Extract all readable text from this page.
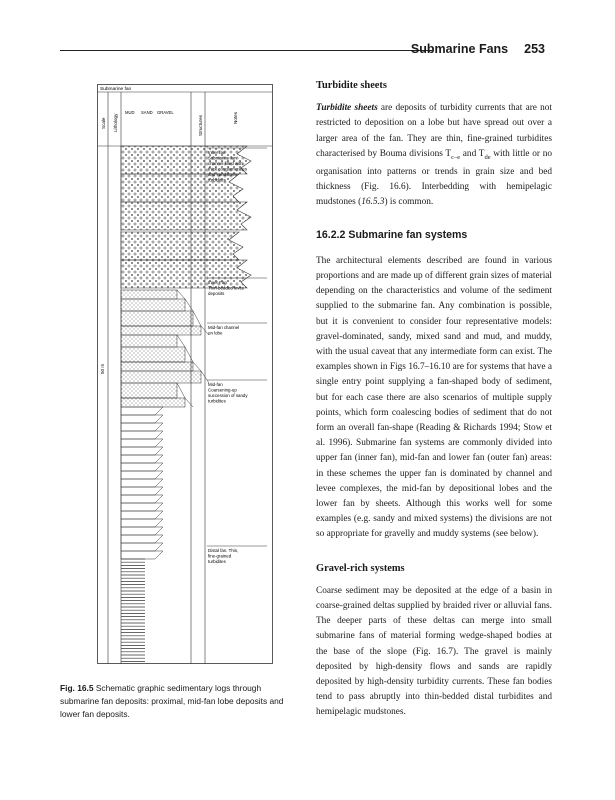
Submarine Fans 253
Submarine fan
Scale Lithology
MUD SAND GRAVEL
Structures	Notes
50 m
Inner fan
Submarine fan
channel filled with
thick conglomerates
and sandstone
turbidites
Inner Fan
Thin-bedded levee
deposits
Mid-fan channel
on lobe
Mid-fan
Coarsening-up
succession of sandy
turbidites
Distal fan. Thin,
fine-grained
turbidites
Fig. 16.5 Schematic graphic sedimentary logs through submarine fan deposits: proximal, mid-fan lobe deposits and lower fan deposits.
Turbidite sheets

Turbidite sheets are deposits of turbidity currents that are not restricted to deposition on a lobe but have spread out over a larger area of the fan. They are thin, fine-grained turbidites characterised by Bouma divisions $T_{c-e}$ and $T_{de}$ with little or no organisation into patterns or trends in grain size and bed thickness (Fig. 16.6). Interbedding with hemipelagic mudstones (16.5.3) is common.

16.2.2 Submarine fan systems

The architectural elements described are found in various proportions and are made up of different grain sizes of material depending on the characteristics and volume of the sediment supplied to the submarine fan. Any combination is possible, but it is convenient to consider four representative models: gravel-dominated, sandy, mixed sand and mud, and muddy, with the usual caveat that any intermediate form can exist. The examples shown in Figs 16.7–16.10 are for systems that have a single entry point supplying a fan-shaped body of sediment, but for each case there are also scenarios of multiple supply points, which form coalescing bodies of sediment that do not form an overall fan-shape (Reading & Richards 1994; Stow et al. 1996). Submarine fan systems are commonly divided into upper fan (inner fan), mid-fan and lower fan (outer fan) areas: in these schemes the upper fan is dominated by channel and levee complexes, the mid-fan by depositional lobes and the lower fan by sheets. Although this works well for some examples (e.g. sandy and mixed systems) the divisions are not so appropriate for gravelly and muddy systems (see below).

Gravel-rich systems

Coarse sediment may be deposited at the edge of a basin in coarse-grained deltas supplied by braided river or alluvial fans. The deeper parts of these deltas can merge into small submarine fans of material forming wedge-shaped bodies at the base of the slope (Fig. 16.7). The gravel is mainly deposited by high-density flows and sands are rapidly deposited by high-density turbidity currents. These fan bodies tend to pass abruptly into thin-bedded distal turbidites and hemipelagic mudstones.
